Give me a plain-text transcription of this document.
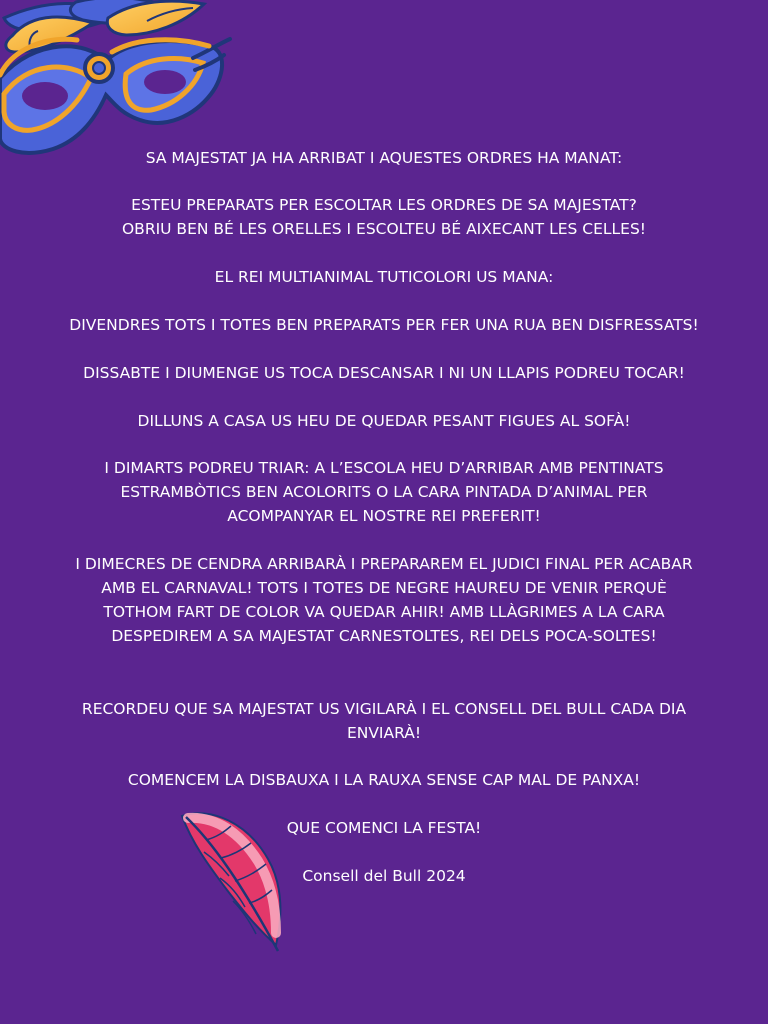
SA MAJESTAT JA HA ARRIBAT I AQUESTES ORDRES HA MANAT:
ESTEU PREPARATS PER ESCOLTAR LES ORDRES DE SA MAJESTAT?
OBRIU BEN BÉ LES ORELLES I ESCOLTEU BÉ AIXECANT LES CELLES!
EL REI MULTIANIMAL TUTICOLORI US MANA:
DIVENDRES TOTS I TOTES BEN PREPARATS PER FER UNA RUA BEN DISFRESSATS!
DISSABTE I DIUMENGE US TOCA DESCANSAR I NI UN LLAPIS PODREU TOCAR!
DILLUNS A CASA US HEU DE QUEDAR PESANT FIGUES AL SOFÀ!
I DIMARTS PODREU TRIAR: A L’ESCOLA HEU D’ARRIBAR AMB PENTINATS
ESTRAMBÒTICS BEN ACOLORITS O LA CARA PINTADA D’ANIMAL PER
ACOMPANYAR EL NOSTRE REI PREFERIT!
I DIMECRES DE CENDRA ARRIBARÀ I PREPARAREM EL JUDICI FINAL PER ACABAR
AMB EL CARNAVAL! TOTS I TOTES DE NEGRE HAUREU DE VENIR PERQUÈ
TOTHOM FART DE COLOR VA QUEDAR AHIR! AMB LLÀGRIMES A LA CARA
DESPEDIREM A SA MAJESTAT CARNESTOLTES, REI DELS POCA-SOLTES!
RECORDEU QUE SA MAJESTAT US VIGILARÀ I EL CONSELL DEL BULL CADA DIA
ENVIARÀ!
COMENCEM LA DISBAUXA I LA RAUXA SENSE CAP MAL DE PANXA!
QUE COMENCI LA FESTA!
Consell del Bull 2024
